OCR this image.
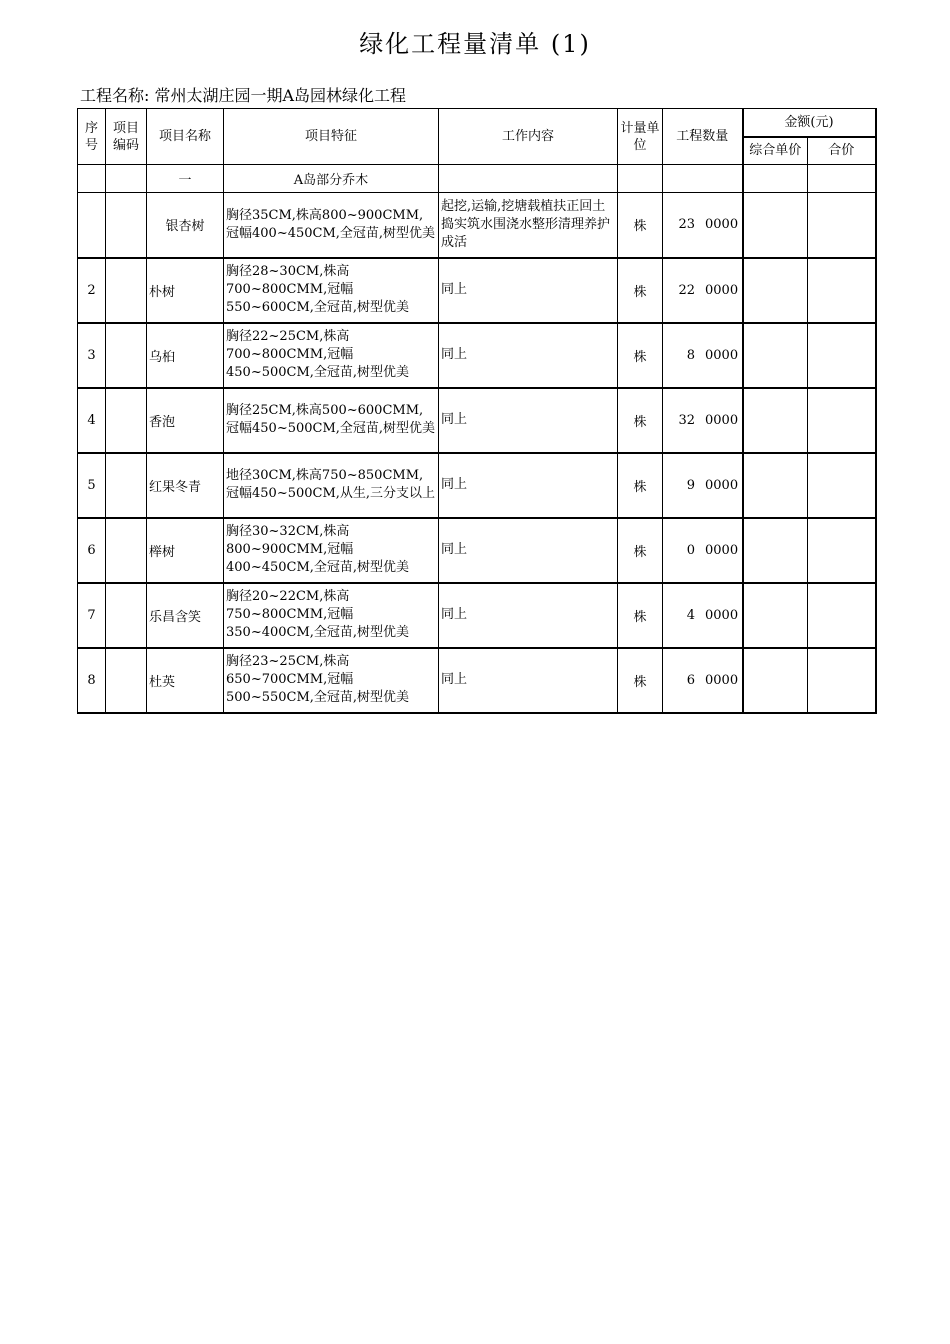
绿化工程量清单 (1)
工程名称: 常州太湖庄园一期A岛园林绿化工程
序号	项目编码	项目名称	项目特征	工作内容	计量单位	工程数量	金额(元)	
							综合单价	合价
		一	A岛部分乔木					
		银杏树	胸径35CM,株高800~900CMM,冠幅400~450CM,全冠苗,树型优美	起挖,运输,挖塘载植扶正回土捣实筑水围浇水整形清理养护成活	株	23 0000		
2		朴树	胸径28~30CM,株高700~800CMM,冠幅550~600CM,全冠苗,树型优美	同上	株	22 0000		
3		乌桕	胸径22~25CM,株高700~800CMM,冠幅450~500CM,全冠苗,树型优美	同上	株	8 0000		
4		香泡	胸径25CM,株高500~600CMM,冠幅450~500CM,全冠苗,树型优美	同上	株	32 0000		
5		红果冬青	地径30CM,株高750~850CMM,冠幅450~500CM,从生,三分支以上	同上	株	9 0000		
6		榉树	胸径30~32CM,株高800~900CMM,冠幅400~450CM,全冠苗,树型优美	同上	株	0 0000		
7		乐昌含笑	胸径20~22CM,株高750~800CMM,冠幅350~400CM,全冠苗,树型优美	同上	株	4 0000		
8		杜英	胸径23~25CM,株高650~700CMM,冠幅500~550CM,全冠苗,树型优美	同上	株	6 0000		
